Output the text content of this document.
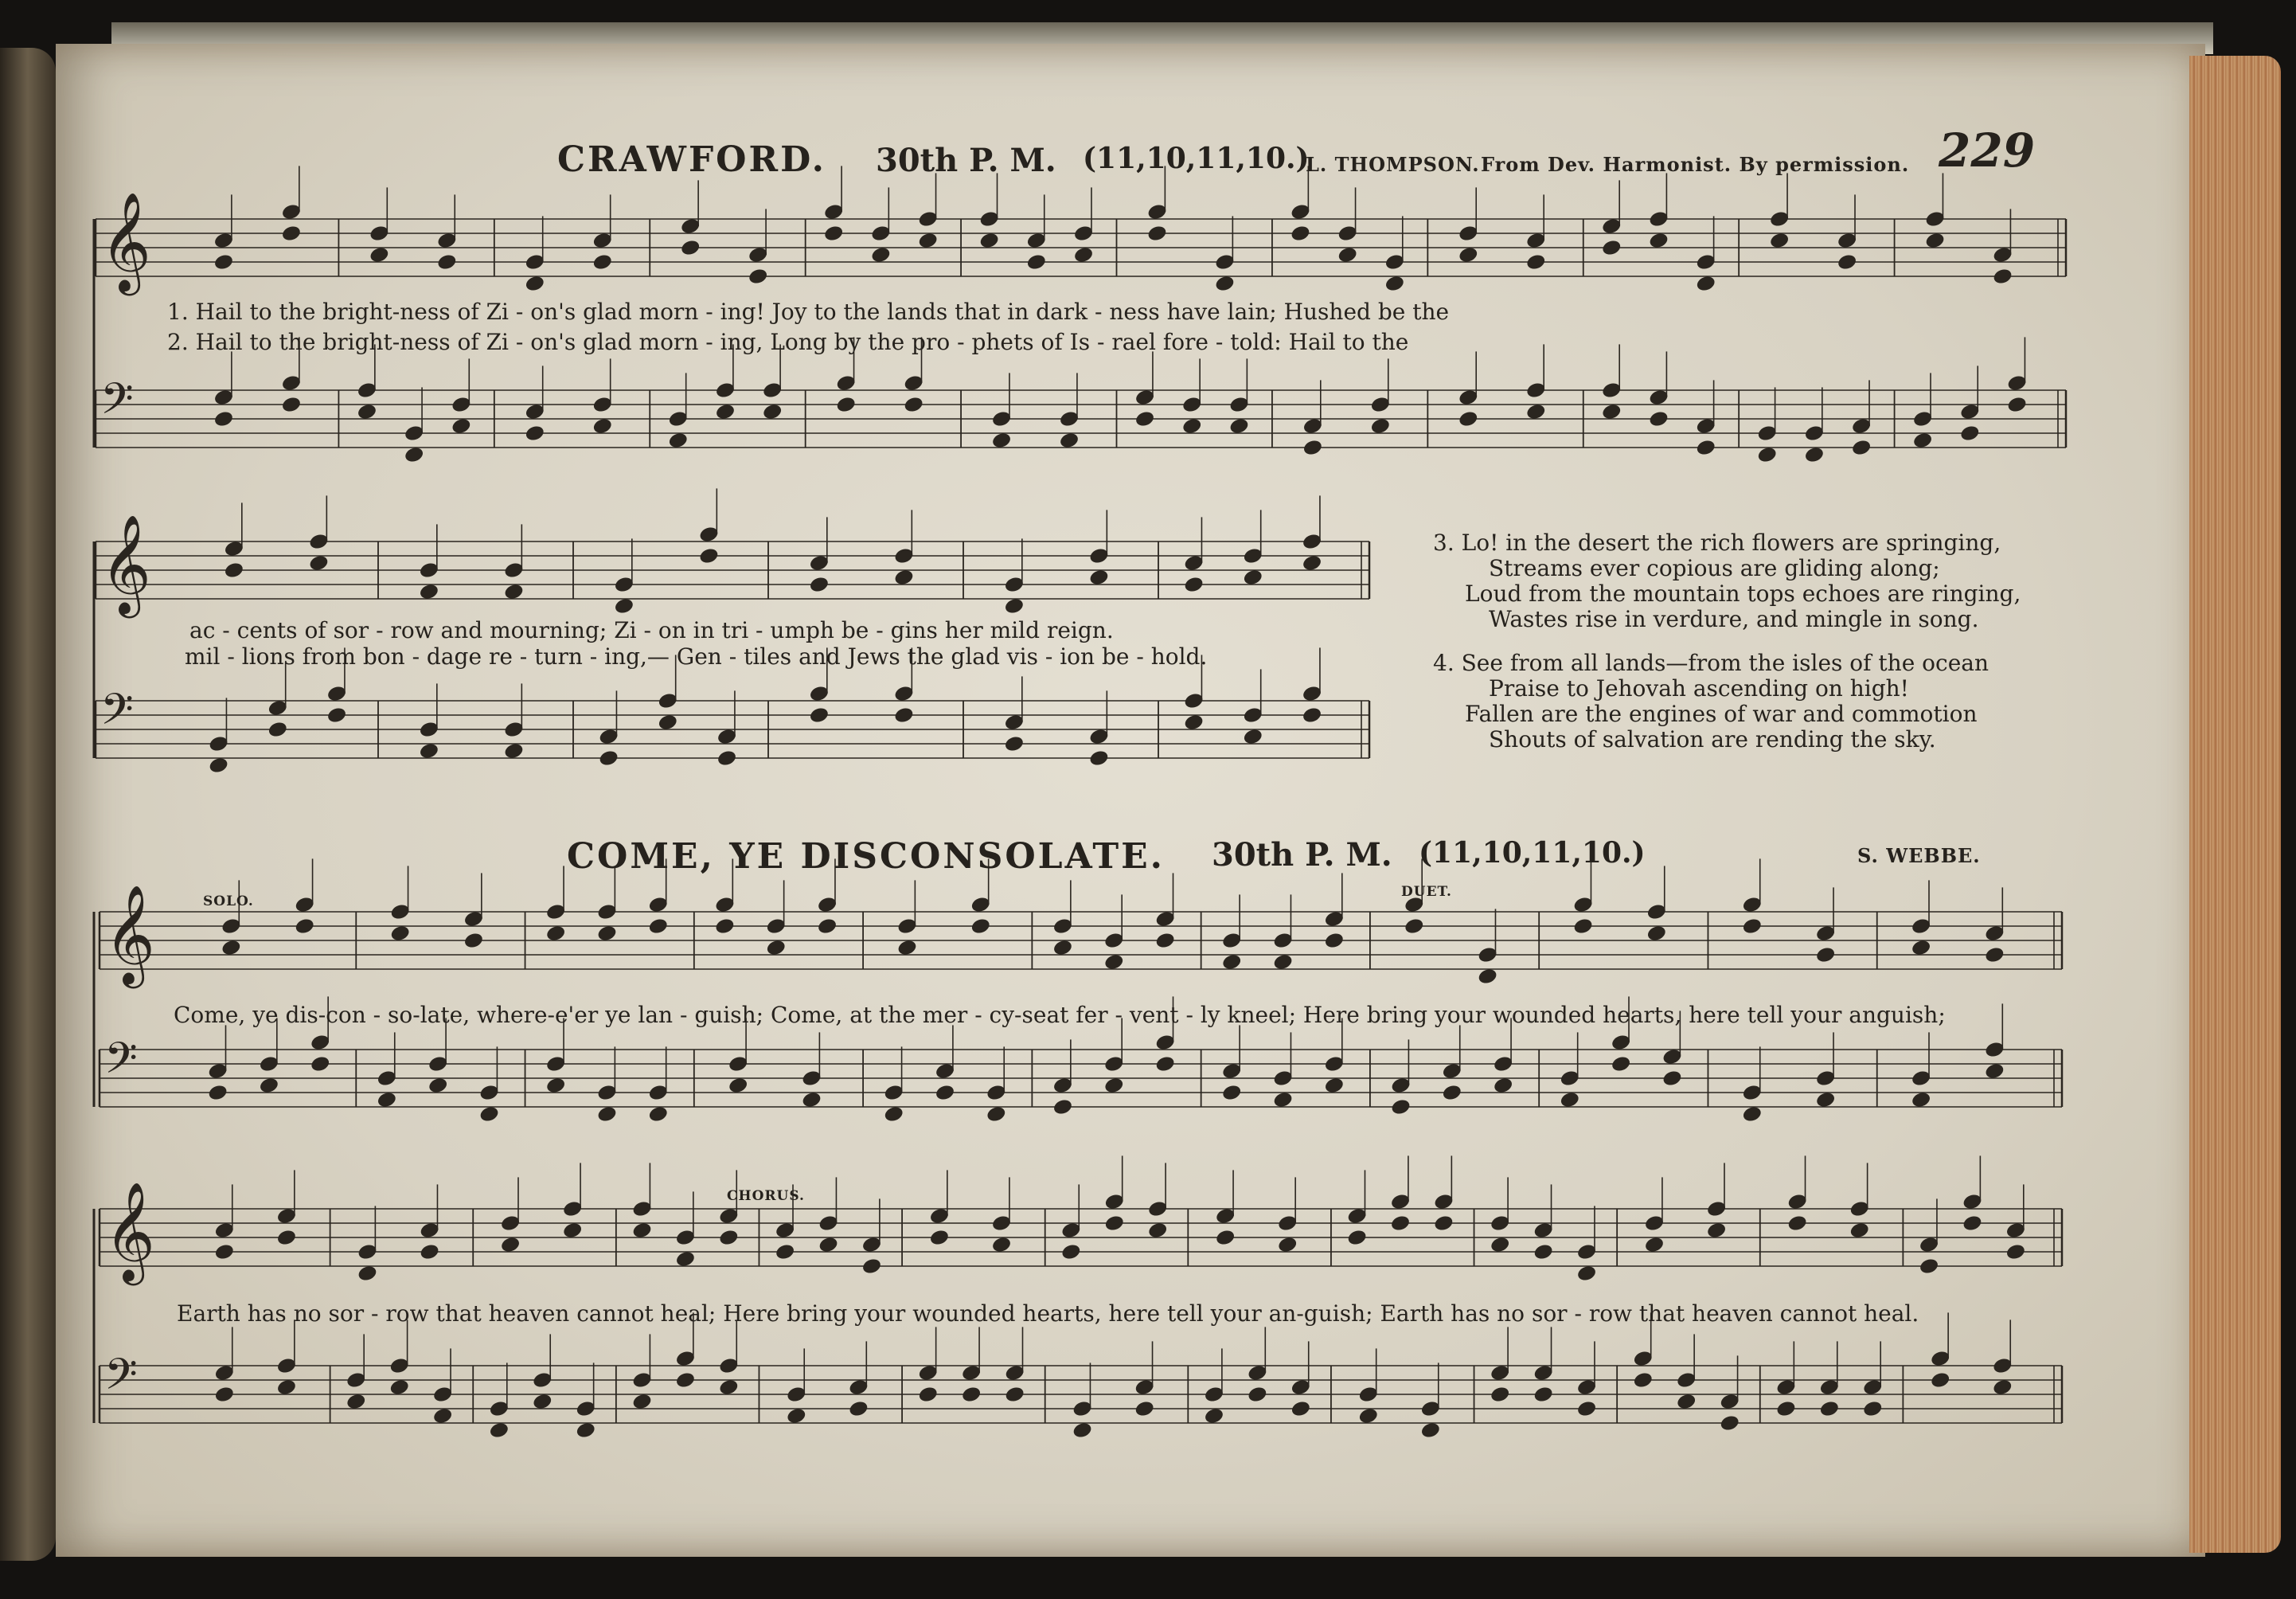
𝄞
𝄢
𝄞
𝄢
𝄞
𝄢
𝄞
𝄢
CRAWFORD. 30th P. M. (11,10,11,10.)
L. THOMPSON. From Dev. Harmonist. By permission. 229
1. Hail to the bright-ness of Zi - on's glad morn - ing! Joy to the lands that in dark - ness have lain; Hushed be the
2. Hail to the bright-ness of Zi - on's glad morn - ing, Long by the pro - phets of Is - rael fore - told: Hail to the
ac - cents of sor - row and mourning; Zi - on in tri - umph be - gins her mild reign.
mil - lions from bon - dage re - turn - ing,— Gen - tiles and Jews the glad vis - ion be - hold.
3. Lo! in the desert the rich flowers are springing,
Streams ever copious are gliding along;
Loud from the mountain tops echoes are ringing,
Wastes rise in verdure, and mingle in song.
4. See from all lands—from the isles of the ocean
Praise to Jehovah ascending on high!
Fallen are the engines of war and commotion
Shouts of salvation are rending the sky.
COME, YE DISCONSOLATE. 30th P. M. (11,10,11,10.)	S. WEBBE.
SOLO.
DUET.
CHORUS.
Come, ye dis-con - so-late, where-e'er ye lan - guish; Come, at the mer - cy-seat fer - vent - ly kneel; Here bring your wounded hearts, here tell your anguish;
Earth has no sor - row that heaven cannot heal; Here bring your wounded hearts, here tell your an-guish; Earth has no sor - row that heaven cannot heal.
